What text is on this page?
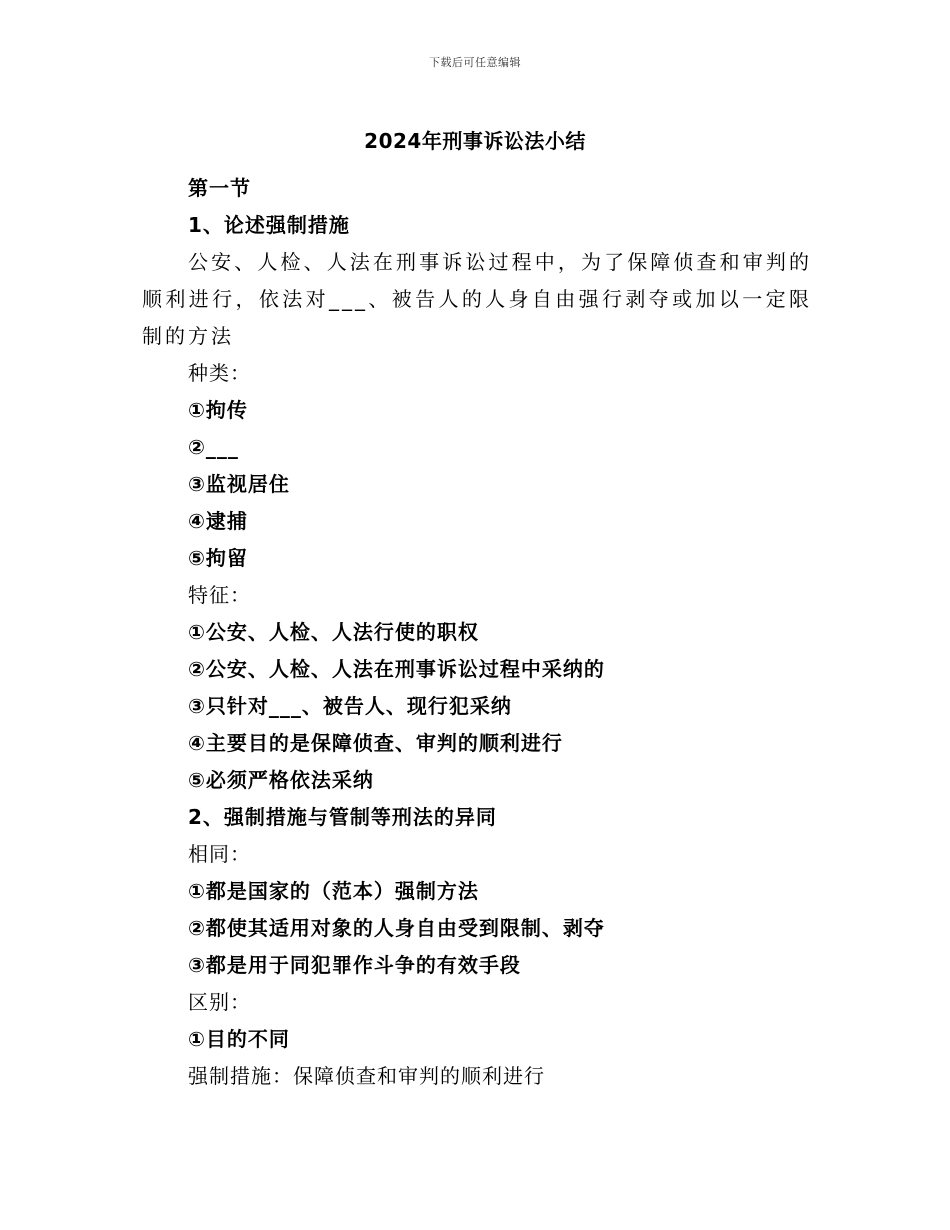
下载后可任意编辑
2024年刑事诉讼法小结
第一节
1、论述强制措施

公安、人检、人法在刑事诉讼过程中，为了保障侦查和审判的顺利进行，依法对___、被告人的人身自由强行剥夺或加以一定限制的方法

种类：
①拘传
②___
③监视居住
④逮捕
⑤拘留
特征：
①公安、人检、人法行使的职权
②公安、人检、人法在刑事诉讼过程中采纳的
③只针对___、被告人、现行犯采纳
④主要目的是保障侦查、审判的顺利进行
⑤必须严格依法采纳
2、强制措施与管制等刑法的异同
相同：
①都是国家的（范本）强制方法
②都使其适用对象的人身自由受到限制、剥夺
③都是用于同犯罪作斗争的有效手段
区别：
①目的不同
强制措施：保障侦查和审判的顺利进行
